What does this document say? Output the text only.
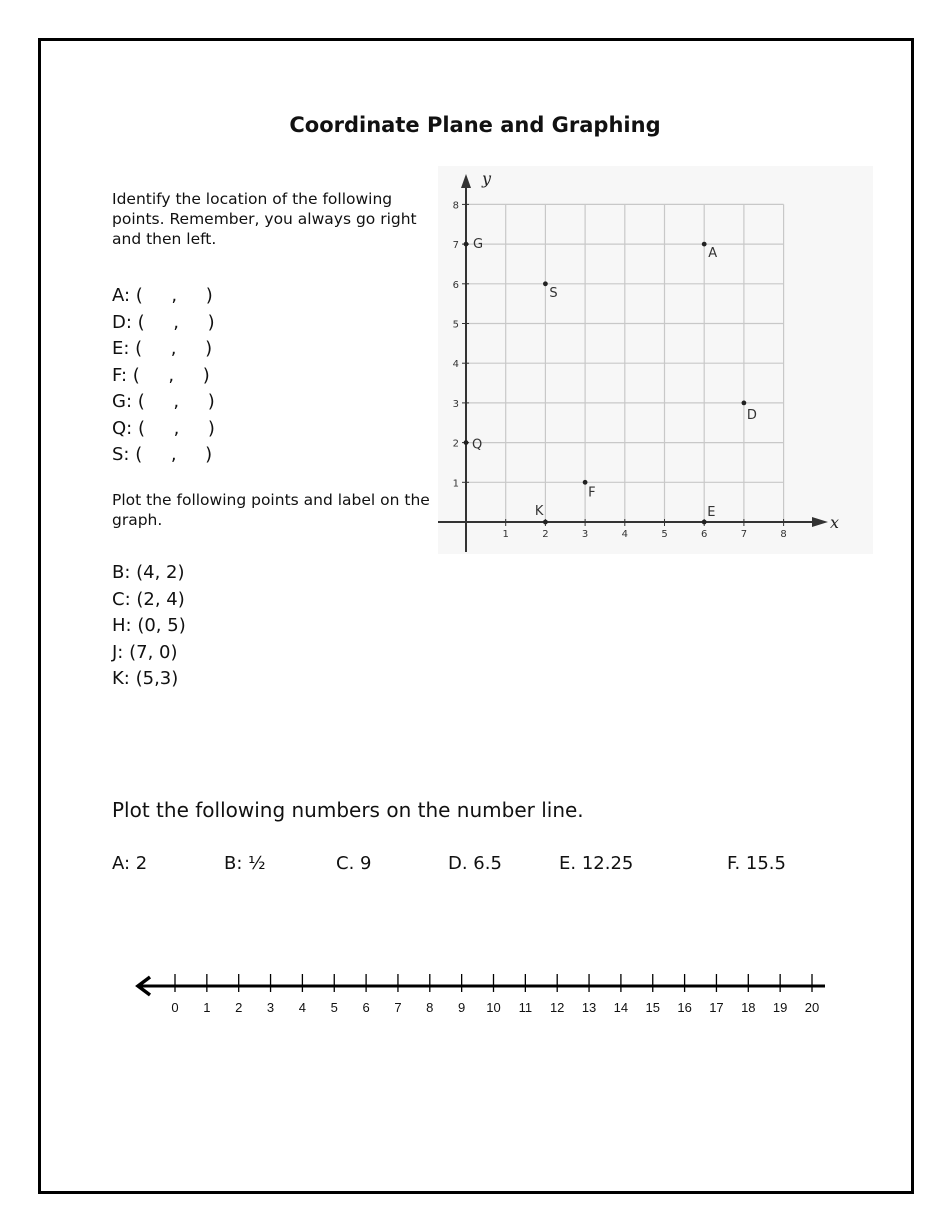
Coordinate Plane and Graphing
Identify the location of the following points. Remember, you always go right and then left.
A: (     ,     )
D: (     ,     )
E: (     ,     )
F: (     ,     )
G: (     ,     )
Q: (     ,     )
S: (     ,     )
Plot the following points and label on the graph.
B: (4, 2)
C: (2, 4)
H: (0, 5)
J: (7, 0)
K: (5,3)
y
x
1	2	3	4	5	6	7	8
1
2
3
4
5
6
7
8
A
S
G
D
Q
F
K	E
Plot the following numbers on the number line.
A: 2	B: ½	C. 9	D. 6.5	E. 12.25	F. 15.5
0 1 2 3 4 5 6 7 8 9 10 11 12 13 14 15 16 17 18 19 20
